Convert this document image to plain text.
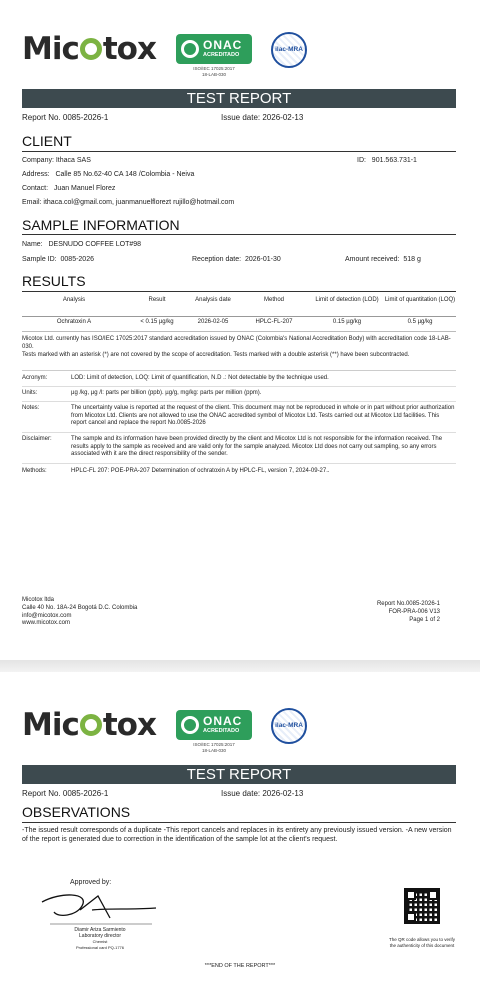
Mic tox	ONAC
ACREDITADO
ISO/IEC 17025:2017
18-LAB-030
ilac-MRA
TEST REPORT
Report No. 0085-2026-1	Issue date: 2026-02-13
CLIENT
Company: Ithaca SAS	ID: 901.563.731-1
Address: Calle 85 No.62-40 CA 148 /Colombia - Neiva
Contact: Juan Manuel Florez
Email: ithaca.col@gmail.com, juanmanuelflorezt rujillo@hotmail.com
SAMPLE INFORMATION
Name: DESNUDO COFFEE LOT#98
Sample ID: 0085-2026	Reception date: 2026-01-30	Amount received: 518 g
RESULTS
Analysis	Result	Analysis date	Method	Limit of detection (LOD)	Limit of quantitation (LOQ)
Ochratoxin A	< 0.15 µg/kg	2026-02-05	HPLC-FL-207	0.15 µg/kg	0.5 µg/kg
Micotox Ltd. currently has ISO/IEC 17025:2017 standard accreditation issued by ONAC (Colombia's National Accreditation Body) with accreditation code 18-LAB-030.
Tests marked with an asterisk (*) are not covered by the scope of accreditation. Tests marked with a double asterisk (**) have been subcontracted.
Acronym:	LOD: Limit of detection, LOQ: Limit of quantification, N.D .: Not detectable by the technique used.
Units:	µg /kg, µg /l: parts per billion (ppb). µg/g, mg/kg: parts per million (ppm).
Notes:	The uncertainty value is reported at the request of the client. This document may not be reproduced in whole or in part without prior authorization from Micotox Ltd. Clients are not allowed to use the ONAC accredited symbol of Micotox Ltd. Tests carried out at Micotox Ltd facilities. This report cancel and replace the report No.0085-2026
Disclaimer:	The sample and its information have been provided directly by the client and Micotox Ltd is not responsible for the information received. The results apply to the sample as received and are valid only for the sample analyzed. Micotox Ltd does not carry out sampling, so any errors associated with it are the direct responsibility of the sender.
Methods:	HPLC-FL 207: POE-PRA-207 Determination of ochratoxin A by HPLC-FL, version 7, 2024-09-27..
Micotox ltda
Calle 40 No. 18A-24 Bogotá D.C. Colombia
info@micotox.com
www.micotox.com
Report No.0085-2026-1
FOR-PRA-006 V13
Page 1 of 2
Mic tox	ONAC
ACREDITADO
ISO/IEC 17025:2017
18-LAB-030
ilac-MRA
TEST REPORT
Report No. 0085-2026-1	Issue date: 2026-02-13
OBSERVATIONS
-The issued result corresponds of a duplicate -This report cancels and replaces in its entirety any previously issued version. -A new version of the report is generated due to correction in the identification of the sample lot at the client's request.
Approved by:
Diamir Ariza Sarmiento
Laboratory director
Chemist
Professional card PQ-1776
The QR code allows you to verify the authenticity of this document
***END OF THE REPORT***
